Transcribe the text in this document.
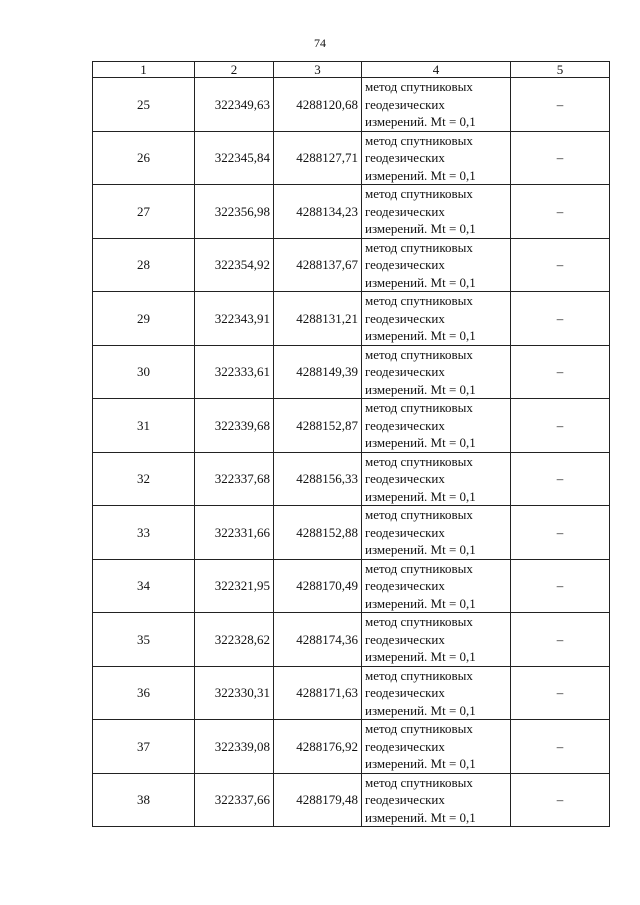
74
1	2	3	4	5
25	322349,63	4288120,68	метод спутниковых
геодезических
измерений. Mt = 0,1	–
26	322345,84	4288127,71	метод спутниковых
геодезических
измерений. Mt = 0,1	–
27	322356,98	4288134,23	метод спутниковых
геодезических
измерений. Mt = 0,1	–
28	322354,92	4288137,67	метод спутниковых
геодезических
измерений. Mt = 0,1	–
29	322343,91	4288131,21	метод спутниковых
геодезических
измерений. Mt = 0,1	–
30	322333,61	4288149,39	метод спутниковых
геодезических
измерений. Mt = 0,1	–
31	322339,68	4288152,87	метод спутниковых
геодезических
измерений. Mt = 0,1	–
32	322337,68	4288156,33	метод спутниковых
геодезических
измерений. Mt = 0,1	–
33	322331,66	4288152,88	метод спутниковых
геодезических
измерений. Mt = 0,1	–
34	322321,95	4288170,49	метод спутниковых
геодезических
измерений. Mt = 0,1	–
35	322328,62	4288174,36	метод спутниковых
геодезических
измерений. Mt = 0,1	–
36	322330,31	4288171,63	метод спутниковых
геодезических
измерений. Mt = 0,1	–
37	322339,08	4288176,92	метод спутниковых
геодезических
измерений. Mt = 0,1	–
38	322337,66	4288179,48	метод спутниковых
геодезических
измерений. Mt = 0,1	–
